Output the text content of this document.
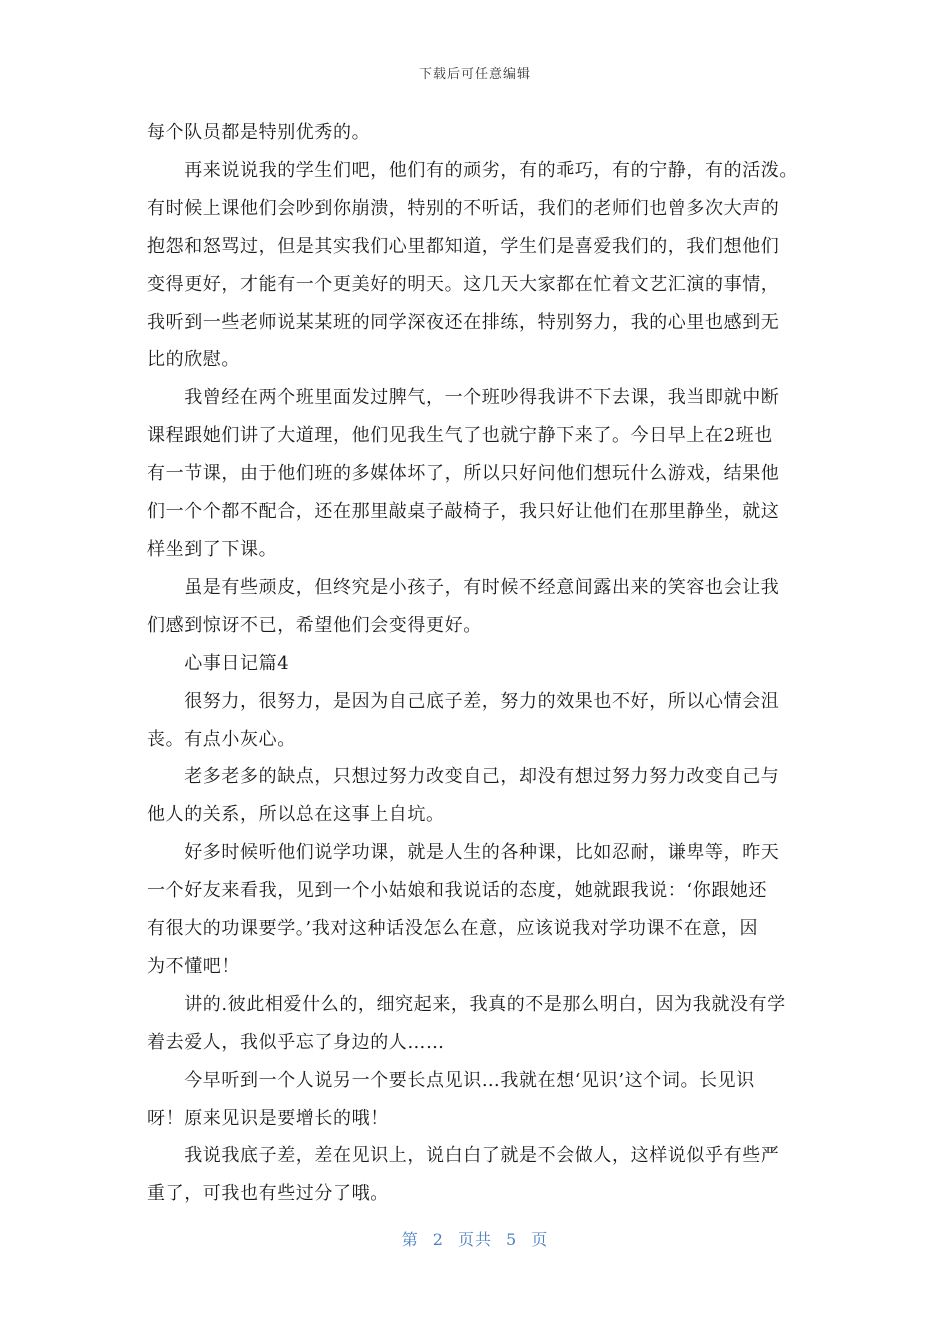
下载后可任意编辑

每个队员都是特别优秀的。

　　再来说说我的学生们吧，他们有的顽劣，有的乖巧，有的宁静，有的活泼。

有时候上课他们会吵到你崩溃，特别的不听话，我们的老师们也曾多次大声的

抱怨和怒骂过，但是其实我们心里都知道，学生们是喜爱我们的，我们想他们

变得更好，才能有一个更美好的明天。这几天大家都在忙着文艺汇演的事情，

我听到一些老师说某某班的同学深夜还在排练，特别努力，我的心里也感到无

比的欣慰。

　　我曾经在两个班里面发过脾气，一个班吵得我讲不下去课，我当即就中断

课程跟她们讲了大道理，他们见我生气了也就宁静下来了。今日早上在2班也

有一节课，由于他们班的多媒体坏了，所以只好问他们想玩什么游戏，结果他

们一个个都不配合，还在那里敲桌子敲椅子，我只好让他们在那里静坐，就这

样坐到了下课。

　　虽是有些顽皮，但终究是小孩子，有时候不经意间露出来的笑容也会让我

们感到惊讶不已，希望他们会变得更好。

　　心事日记篇4

　　很努力，很努力，是因为自己底子差，努力的效果也不好，所以心情会沮

丧。有点小灰心。

　　老多老多的缺点，只想过努力改变自己，却没有想过努力努力改变自己与

他人的关系，所以总在这事上自坑。

　　好多时候听他们说学功课，就是人生的各种课，比如忍耐，谦卑等，昨天

一个好友来看我，见到一个小姑娘和我说话的态度，她就跟我说：‘你跟她还

有很大的功课要学。’我对这种话没怎么在意，应该说我对学功课不在意，因

为不懂吧！

　　讲的.彼此相爱什么的，细究起来，我真的不是那么明白，因为我就没有学

着去爱人，我似乎忘了身边的人……

　　今早听到一个人说另一个要长点见识…我就在想‘见识’这个词。长见识

呀！原来见识是要增长的哦！

　　我说我底子差，差在见识上，说白白了就是不会做人，这样说似乎有些严

重了，可我也有些过分了哦。

第 2 页共 5 页
